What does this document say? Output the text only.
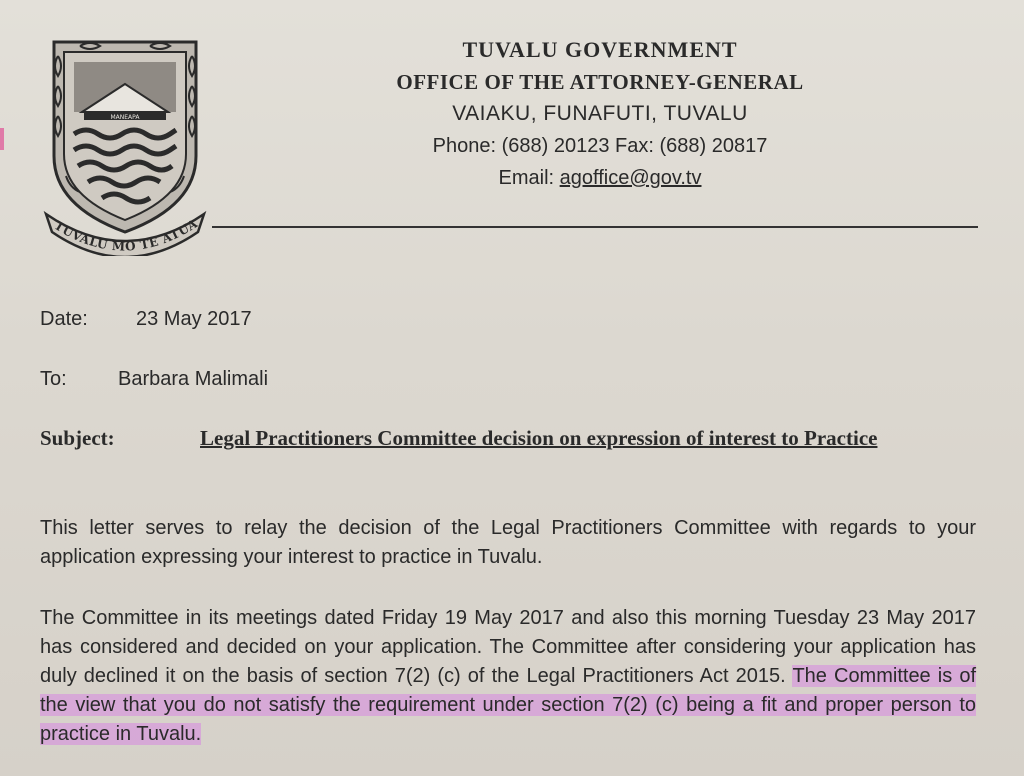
MANEAPA
TUVALU MO TE ATUA
TUVALU GOVERNMENT
OFFICE OF THE ATTORNEY-GENERAL
VAIAKU, FUNAFUTI, TUVALU
Phone: (688) 20123 Fax: (688) 20817
Email: agoffice@gov.tv
Date: 23 May 2017
To:	Barbara Malimali
Subject:	Legal Practitioners Committee decision on expression of interest to Practice
This letter serves to relay the decision of the Legal Practitioners Committee with regards to your application expressing your interest to practice in Tuvalu.
The Committee in its meetings dated Friday 19 May 2017 and also this morning Tuesday 23 May 2017 has considered and decided on your application. The Committee after considering your application has duly declined it on the basis of section 7(2) (c) of the Legal Practitioners Act 2015. The Committee is of the view that you do not satisfy the requirement under section 7(2) (c) being a fit and proper person to practice in Tuvalu.
